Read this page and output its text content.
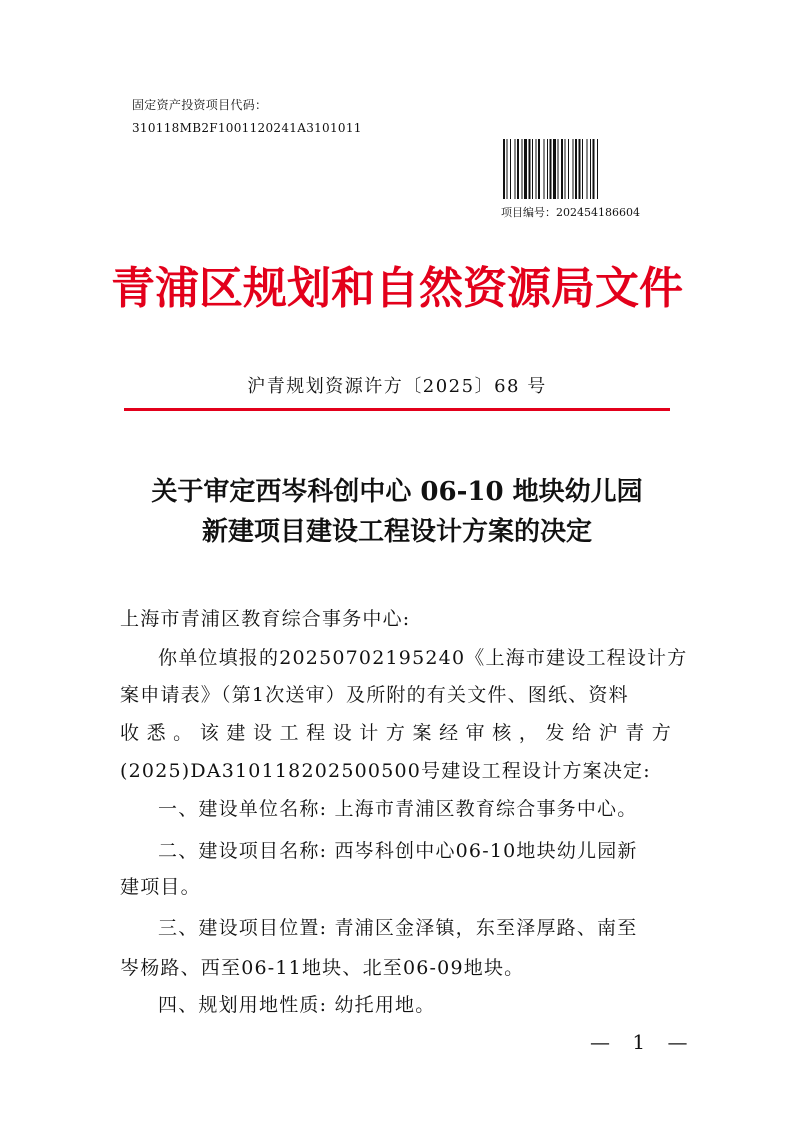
固定资产投资项目代码：
310118MB2F1001120241A3101011
项目编号：202454186604
青浦区规划和自然资源局文件
沪青规划资源许方〔2025〕68 号
关于审定西岑科创中心 06-10 地块幼儿园
新建项目建设工程设计方案的决定
上海市青浦区教育综合事务中心:
你单位填报的20250702195240《上海市建设工程设计方
案申请表》（第1次送审）及所附的有关文件、图纸、资料
收悉。该建设工程设计方案经审核，发给沪青方
(2025)DA310118202500500号建设工程设计方案决定:
一、建设单位名称: 上海市青浦区教育综合事务中心。
二、建设项目名称: 西岑科创中心06-10地块幼儿园新
建项目。
三、建设项目位置: 青浦区金泽镇，东至泽厚路、南至
岑杨路、西至06-11地块、北至06-09地块。
四、规划用地性质: 幼托用地。
— 1 —
